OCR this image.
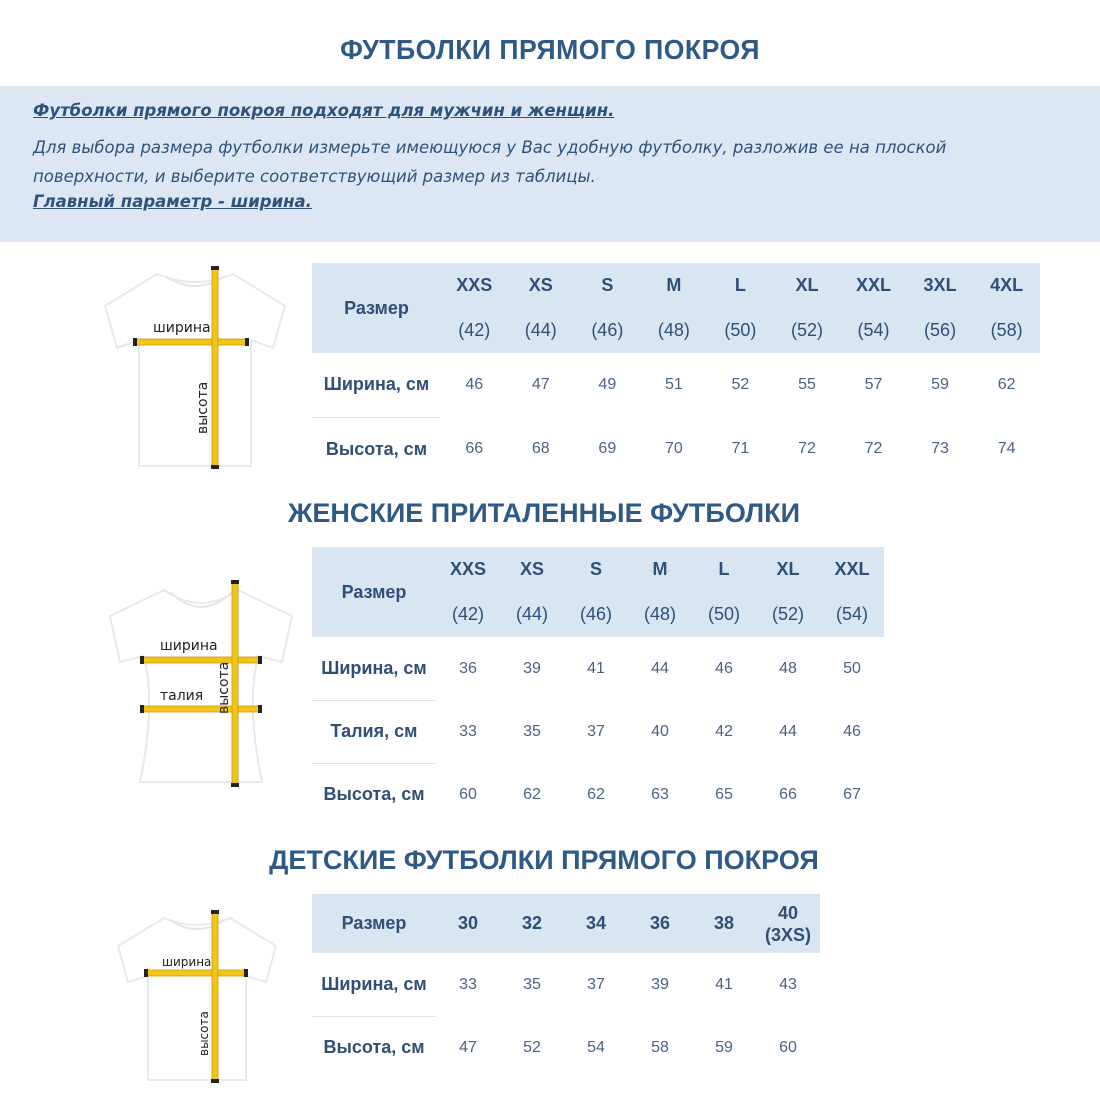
ФУТБОЛКИ ПРЯМОГО ПОКРОЯ
Футболки прямого покроя подходят для мужчин и женщин.
Для выбора размера футболки измерьте имеющуюся у Вас удобную футболку, разложив ее на плоской
поверхности, и выберите соответствующий размер из таблицы.
Главный параметр - ширина.
ширина
высота
Размер	XXS	XS	S	M	L	XL	XXL	3XL	4XL
	(42)	(44)	(46)	(48)	(50)	(52)	(54)	(56)	(58)
Ширина, см	46	47	49	51	52	55	57	59	62
Высота, см	66	68	69	70	71	72	72	73	74
ЖЕНСКИЕ ПРИТАЛЕННЫЕ ФУТБОЛКИ
ширина
талия высота
Размер	XXS	XS	S	M	L	XL	XXL
	(42)	(44)	(46)	(48)	(50)	(52)	(54)
Ширина, см	36	39	41	44	46	48	50
Талия, см	33	35	37	40	42	44	46
Высота, см	60	62	62	63	65	66	67
ДЕТСКИЕ ФУТБОЛКИ ПРЯМОГО ПОКРОЯ
ширина
высота
Размер	30	32	34	36	38	40
(3XS)

Ширина, см	33	35	37	39	41	43
Высота, см	47	52	54	58	59	60
